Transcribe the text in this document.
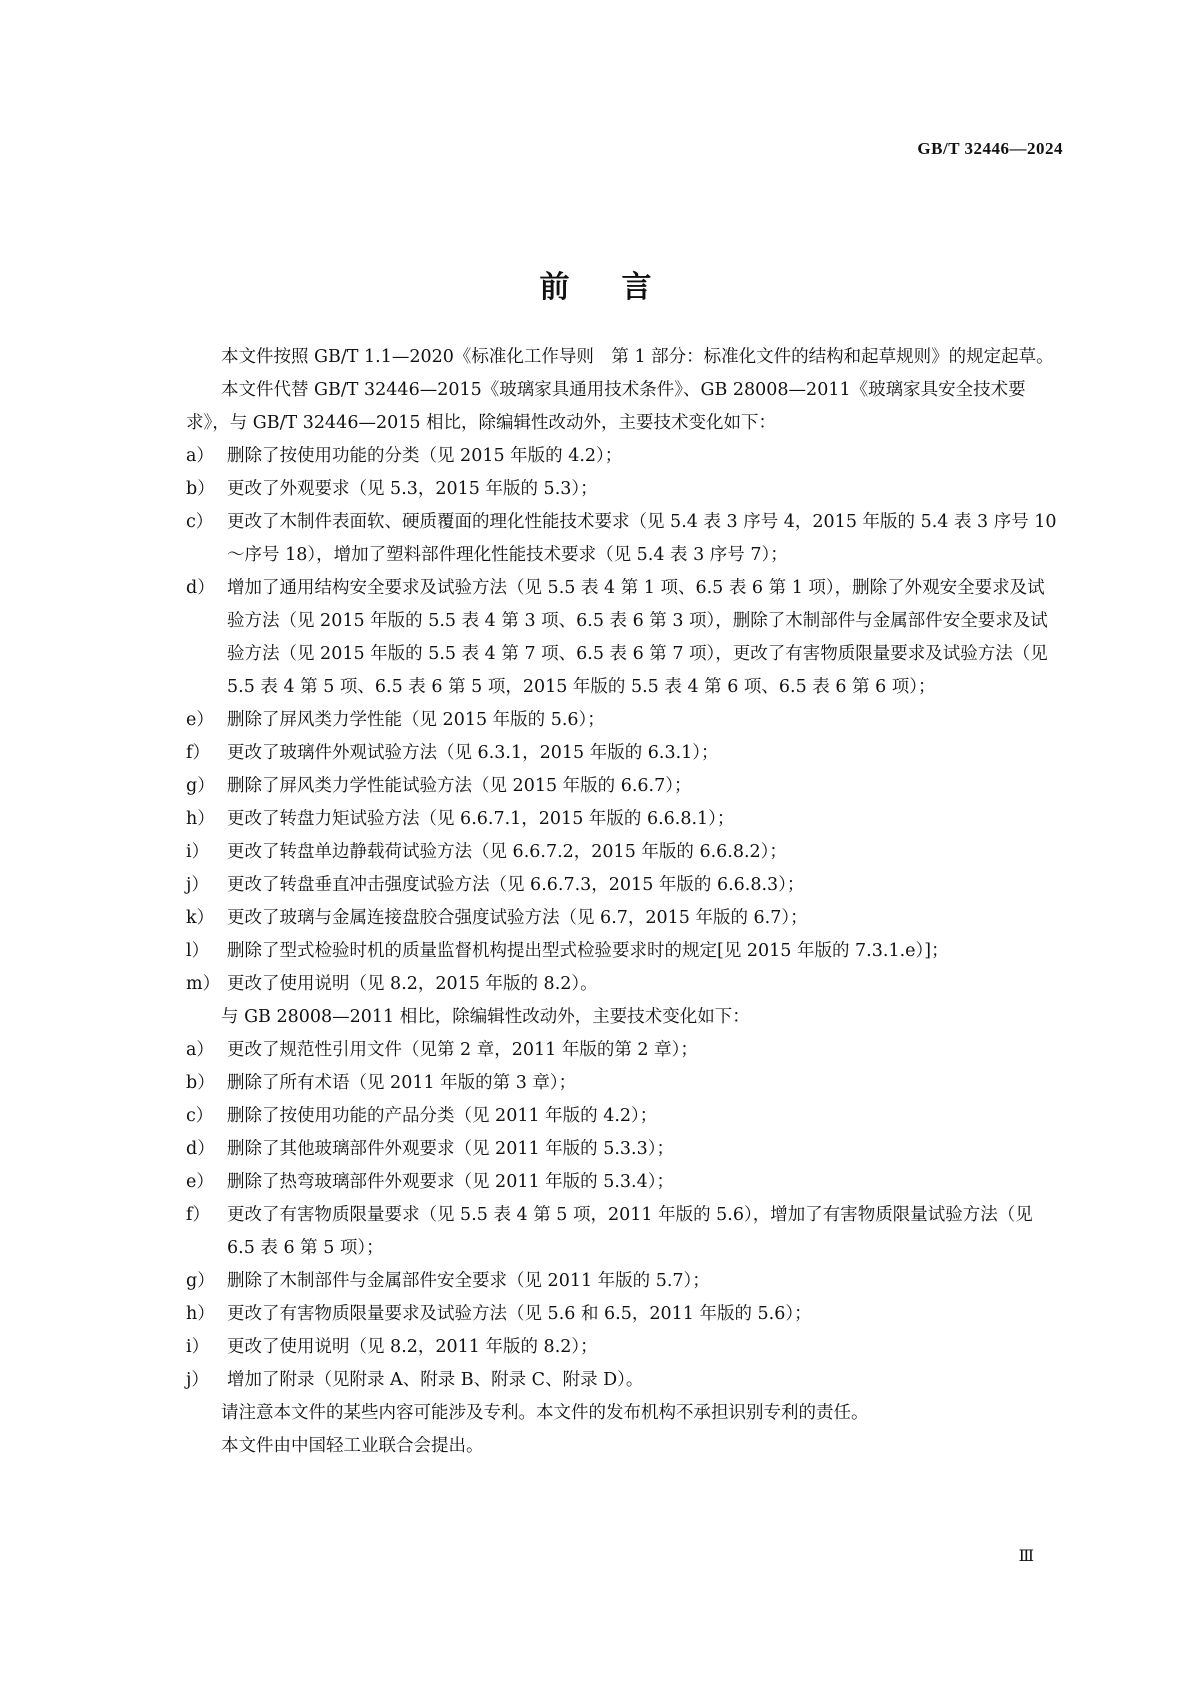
GB/T 32446—2024
前言

本文件按照 GB/T 1.1—2020《标准化工作导则　第 1 部分：标准化文件的结构和起草规则》的规定起草。

本文件代替 GB/T 32446—2015《玻璃家具通用技术条件》、GB 28008—2011《玻璃家具安全技术要求》，与 GB/T 32446—2015 相比，除编辑性改动外，主要技术变化如下：

a） 删除了按使用功能的分类（见 2015 年版的 4.2）；

b） 更改了外观要求（见 5.3，2015 年版的 5.3）；

c） 更改了木制件表面软、硬质覆面的理化性能技术要求（见 5.4 表 3 序号 4，2015 年版的 5.4 表 3 序号 10～序号 18），增加了塑料部件理化性能技术要求（见 5.4 表 3 序号 7）；

d） 增加了通用结构安全要求及试验方法（见 5.5 表 4 第 1 项、6.5 表 6 第 1 项），删除了外观安全要求及试验方法（见 2015 年版的 5.5 表 4 第 3 项、6.5 表 6 第 3 项），删除了木制部件与金属部件安全要求及试验方法（见 2015 年版的 5.5 表 4 第 7 项、6.5 表 6 第 7 项），更改了有害物质限量要求及试验方法（见 5.5 表 4 第 5 项、6.5 表 6 第 5 项，2015 年版的 5.5 表 4 第 6 项、6.5 表 6 第 6 项）；

e） 删除了屏风类力学性能（见 2015 年版的 5.6）；

f） 更改了玻璃件外观试验方法（见 6.3.1，2015 年版的 6.3.1）；

g） 删除了屏风类力学性能试验方法（见 2015 年版的 6.6.7）；

h） 更改了转盘力矩试验方法（见 6.6.7.1，2015 年版的 6.6.8.1）；

i）	更改了转盘单边静载荷试验方法（见 6.6.7.2，2015 年版的 6.6.8.2）；

j）	更改了转盘垂直冲击强度试验方法（见 6.6.7.3，2015 年版的 6.6.8.3）；

k） 更改了玻璃与金属连接盘胶合强度试验方法（见 6.7，2015 年版的 6.7）；

l）	删除了型式检验时机的质量监督机构提出型式检验要求时的规定[见 2015 年版的 7.3.1.e）]；

m） 更改了使用说明（见 8.2，2015 年版的 8.2）。

与 GB 28008—2011 相比，除编辑性改动外，主要技术变化如下：

a） 更改了规范性引用文件（见第 2 章，2011 年版的第 2 章）；

b） 删除了所有术语（见 2011 年版的第 3 章）；

c） 删除了按使用功能的产品分类（见 2011 年版的 4.2）；

d） 删除了其他玻璃部件外观要求（见 2011 年版的 5.3.3）；

e） 删除了热弯玻璃部件外观要求（见 2011 年版的 5.3.4）；

f） 更改了有害物质限量要求（见 5.5 表 4 第 5 项，2011 年版的 5.6），增加了有害物质限量试验方法（见 6.5 表 6 第 5 项）；

g） 删除了木制部件与金属部件安全要求（见 2011 年版的 5.7）；

h） 更改了有害物质限量要求及试验方法（见 5.6 和 6.5，2011 年版的 5.6）；

i）	更改了使用说明（见 8.2，2011 年版的 8.2）；

j）	增加了附录（见附录 A、附录 B、附录 C、附录 D）。

请注意本文件的某些内容可能涉及专利。本文件的发布机构不承担识别专利的责任。

本文件由中国轻工业联合会提出。

Ⅲ
